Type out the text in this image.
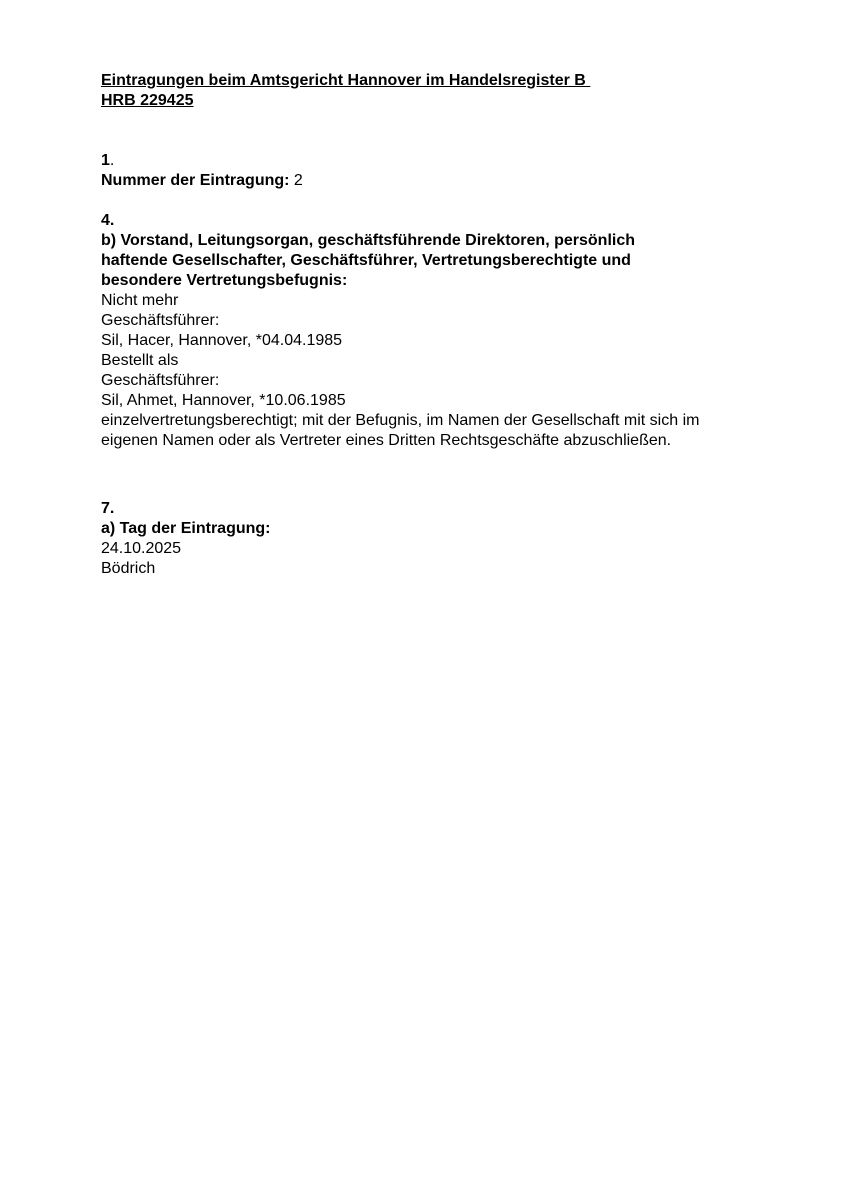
Eintragungen beim Amtsgericht Hannover im Handelsregister B
HRB 229425
1.
Nummer der Eintragung: 2
4.
b) Vorstand, Leitungsorgan, geschäftsführende Direktoren, persönlich
haftende Gesellschafter, Geschäftsführer, Vertretungsberechtigte und
besondere Vertretungsbefugnis:
Nicht mehr
Geschäftsführer:
Sil, Hacer, Hannover, *04.04.1985
Bestellt als
Geschäftsführer:
Sil, Ahmet, Hannover, *10.06.1985
einzelvertretungsberechtigt; mit der Befugnis, im Namen der Gesellschaft mit sich im
eigenen Namen oder als Vertreter eines Dritten Rechtsgeschäfte abzuschließen.
7.
a) Tag der Eintragung:
24.10.2025
Bödrich
